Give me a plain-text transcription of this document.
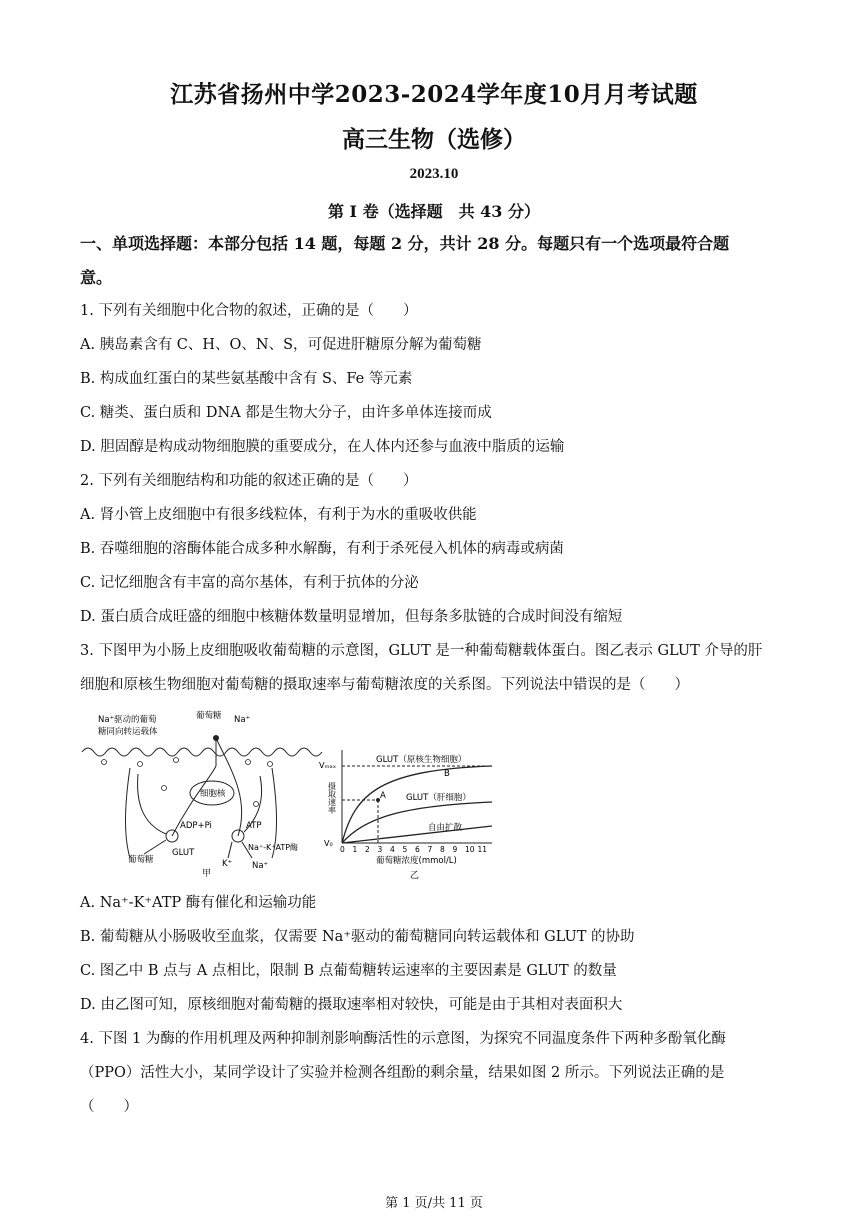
江苏省扬州中学2023-2024学年度10月月考试题
高三生物（选修）
2023.10
第 I 卷（选择题　共 43 分）
一、单项选择题：本部分包括 14 题，每题 2 分，共计 28 分。每题只有一个选项最符合题
意。
1. 下列有关细胞中化合物的叙述，正确的是（　　）
A. 胰岛素含有 C、H、O、N、S，可促进肝糖原分解为葡萄糖
B. 构成血红蛋白的某些氨基酸中含有 S、Fe 等元素
C. 糖类、蛋白质和 DNA 都是生物大分子，由许多单体连接而成
D. 胆固醇是构成动物细胞膜的重要成分，在人体内还参与血液中脂质的运输
2. 下列有关细胞结构和功能的叙述正确的是（　　）
A. 肾小管上皮细胞中有很多线粒体，有利于为水的重吸收供能
B. 吞噬细胞的溶酶体能合成多种水解酶，有利于杀死侵入机体的病毒或病菌
C. 记忆细胞含有丰富的高尔基体，有利于抗体的分泌
D. 蛋白质合成旺盛的细胞中核糖体数量明显增加，但每条多肽链的合成时间没有缩短
3. 下图甲为小肠上皮细胞吸收葡萄糖的示意图，GLUT 是一种葡萄糖载体蛋白。图乙表示 GLUT 介导的肝
细胞和原核生物细胞对葡萄糖的摄取速率与葡萄糖浓度的关系图。下列说法中错误的是（　　）
Na⁺驱动的葡萄
糖同向转运载体
葡萄糖 Na⁺
细胞核
ADP+Pi	ATP
Na⁺-K⁺ATP酶
GLUT
葡萄糖	K⁺ Na⁺
甲
Vₘₐₓ
V₀
摄取速率
GLUT（原核生物细胞）
GLUT（肝细胞）
自由扩散
A
B
0 1 2 3 4 5 6 7 8 9 10 11
葡萄糖浓度(mmol/L)
乙
A. Na⁺-K⁺ATP 酶有催化和运输功能
B. 葡萄糖从小肠吸收至血浆，仅需要 Na⁺驱动的葡萄糖同向转运载体和 GLUT 的协助
C. 图乙中 B 点与 A 点相比，限制 B 点葡萄糖转运速率的主要因素是 GLUT 的数量
D. 由乙图可知，原核细胞对葡萄糖的摄取速率相对较快，可能是由于其相对表面积大
4. 下图 1 为酶的作用机理及两种抑制剂影响酶活性的示意图，为探究不同温度条件下两种多酚氧化酶
（PPO）活性大小，某同学设计了实验并检测各组酚的剩余量，结果如图 2 所示。下列说法正确的是
（　　）
第 1 页/共 11 页
